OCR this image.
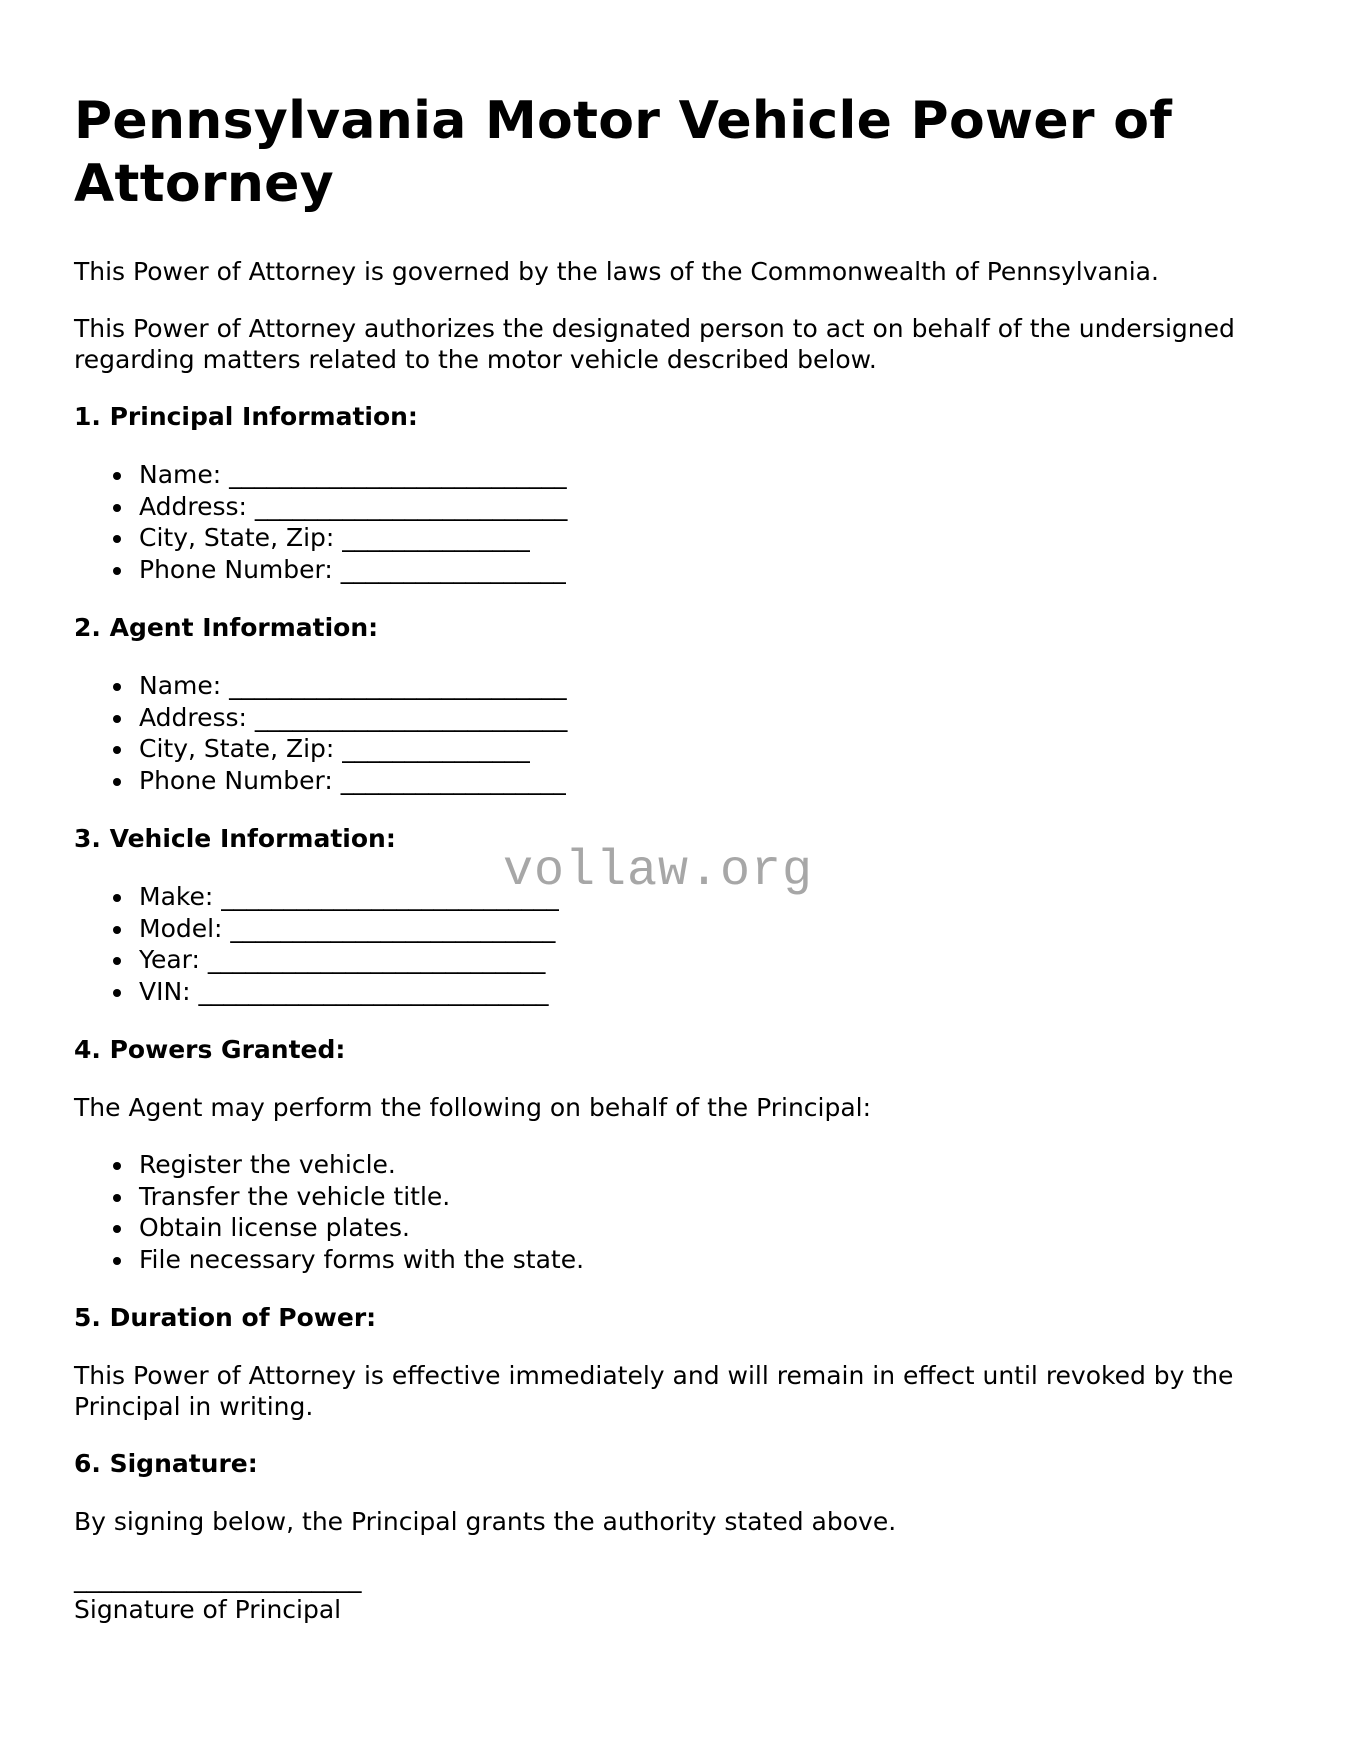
Pennsylvania Motor Vehicle Power of Attorney

This Power of Attorney is governed by the laws of the Commonwealth of Pennsylvania.

This Power of Attorney authorizes the designated person to act on behalf of the undersigned regarding matters related to the motor vehicle described below.

1. Principal Information:
Name: ___________________________
Address: _________________________
City, State, Zip: _______________
Phone Number: __________________
2. Agent Information:
Name: ___________________________
Address: _________________________
City, State, Zip: _______________
Phone Number: __________________
3. Vehicle Information:
Make: ___________________________
Model: __________________________
Year: ___________________________
VIN: ____________________________
4. Powers Granted:

The Agent may perform the following on behalf of the Principal:

Register the vehicle.
Transfer the vehicle title.
Obtain license plates.
File necessary forms with the state.
5. Duration of Power:

This Power of Attorney is effective immediately and will remain in effect until revoked by the Principal in writing.

6. Signature:

By signing below, the Principal grants the authority stated above.

_______________________
Signature of Principal
vollaw.org
